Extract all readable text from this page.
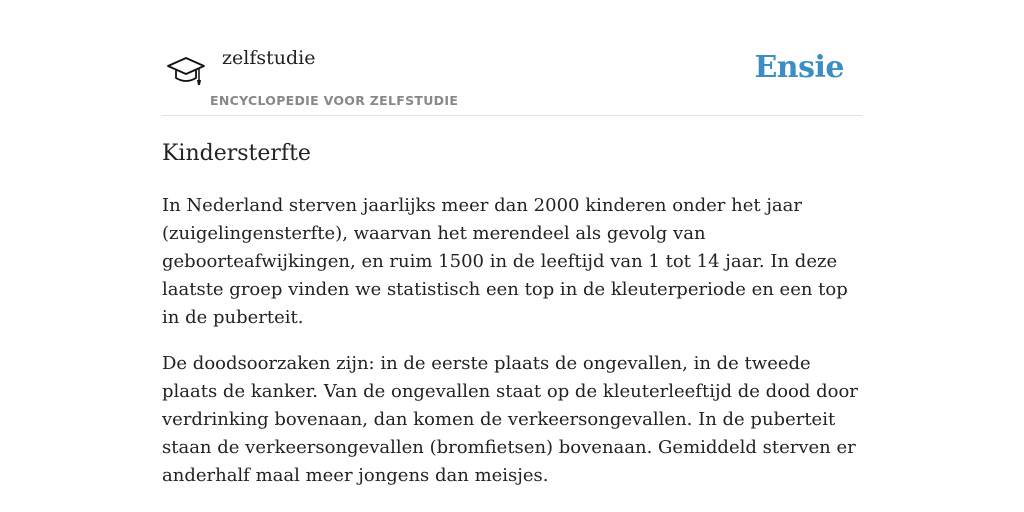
zelfstudie
ENCYCLOPEDIE VOOR ZELFSTUDIE
Ensie
Kindersterfte

In Nederland sterven jaarlijks meer dan 2000 kinderen onder het jaar (zuigelingensterfte), waarvan het merendeel als gevolg van geboorteafwijkingen, en ruim 1500 in de leeftijd van 1 tot 14 jaar. In deze laatste groep vinden we statistisch een top in de kleuterperiode en een top in de puberteit.

De doodsoorzaken zijn: in de eerste plaats de ongevallen, in de tweede plaats de kanker. Van de ongevallen staat op de kleuterleeftijd de dood door verdrinking bovenaan, dan komen de verkeersongevallen. In de puberteit staan de verkeersongevallen (bromfietsen) bovenaan. Gemiddeld sterven er anderhalf maal meer jongens dan meisjes.
